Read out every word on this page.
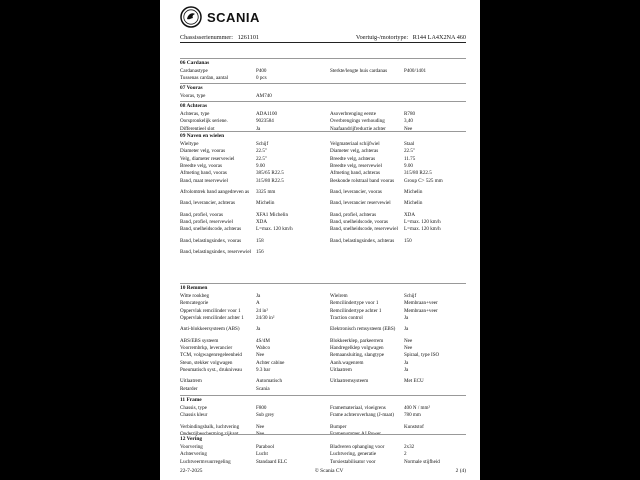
SCANIA
Chassisserienummer: 1261101	Voertuig-/motortype: R144 LA4X2NA 460
06 Cardanas
Cardanastype	P400	Sterkte/lengte huis cardanas	P400/1401
Tussenas cardan, aantal	0 pcs
07 Vooras
Vooras, type	AM740
08 Achteras
Achteras, type	ADA1100	Asoverbrenging eerste	R780
Oorspronkelijk seriene.	9023584	Overbrengings verhouding	3,40
Differentieel slot	Ja	Naafaandrijfreductie achter	Nee
09 Naven en wielen
Wieltype	Schijf	Velgmateriaal schijfwiel	Staal
Diameter velg, vooras	22.5"	Diameter velg, achteras	22.5"
Velg, diameter reservewiel	22.5"	Breedte velg, achteras	11.75
Breedte velg, vooras	9.00	Breedte velg, reservewiel	9.00
Afmeting band, vooras	385/65 R22.5	Afmeting band, achteras	315/80 R22.5
Band, maat reservewiel	315/80 R22.5	Beskonde rolstraal band vooras	Group C> 525 mm
Afrolomtrek band aangedreven as	3325 mm	Band, leverancier, vooras	Michelin
Band, leverancier, achteras	Michelin	Band, leverancier reservewiel	Michelin
Band, profiel, vooras	XFA1 Michelin	Band, profiel, achteras	XDA
Band, profiel, reservewiel	XDA	Band, snelheidscode, vooras	L=max. 120 km/h
Band, snelheidscode, achteras	L=max. 120 km/h	Band, snelheidscode, reservewiel	L=max. 120 km/h
Band, belastingsindex, vooras	158	Band, belastingsindex, achteras	150
Band, belastingsindex, reservewiel 156
10 Remmen
Witte rookbeg	Ja	Wielrem	Schijf
Remcategorie	A	Remcilindertype voor 1	Membraan+veer
Oppervlak remcilinder voor 1	24 in²	Remcilindertype achter 1	Membraan+veer
Oppervlak remcilinder achter 1	24/30 in²	Traction control	Ja
Anti-blokkeersysteem (ABS)	Ja	Elektronisch remsysteem (EBS)	Ja
ABS/EBS systeem	4S/4M	Blokkeerklep, parkeerrem	Nee
Voorrembrkp, leverancier	Wabco	Handregelklep volgwagen	Nee
TCM, volgwagenregeleenheid	Nee	Remaansluiting, slangtype	Spiraal, type ISO
Steun, stekker volgwagen	Achter cabine	Aanh.wagenrem	Ja
Pneumatisch syst., drukniveau	9.3 bar	Uitlaatrem	Ja
Uitlaatrem	Automatisch	Uitlaatremsysteem	Met ECU
Retarder	Scania
11 Frame
Chassis, type	F800	Framemateriaal, vloeigrens	400 N / mm²
Chassis kleur	Sub grey	Frame achteroverhang (J-maat)	780 mm
Verbindingsbalk, luchtvering	Nee	Bumper	Kunststof
Onderrijbescherming zijkant	Nee	Framenummer AJ Power
12 Vering
Voorvering	Parabool	Bladveren ophanging voor	2x32
Achtervering	Lucht	Luchtvering, generatie	2
Luchtveermvuurregeling	Standaard ELC	Torsiestabilisator voor	Normale stijfheid
22-7-2025	© Scania CV	2 (4)
